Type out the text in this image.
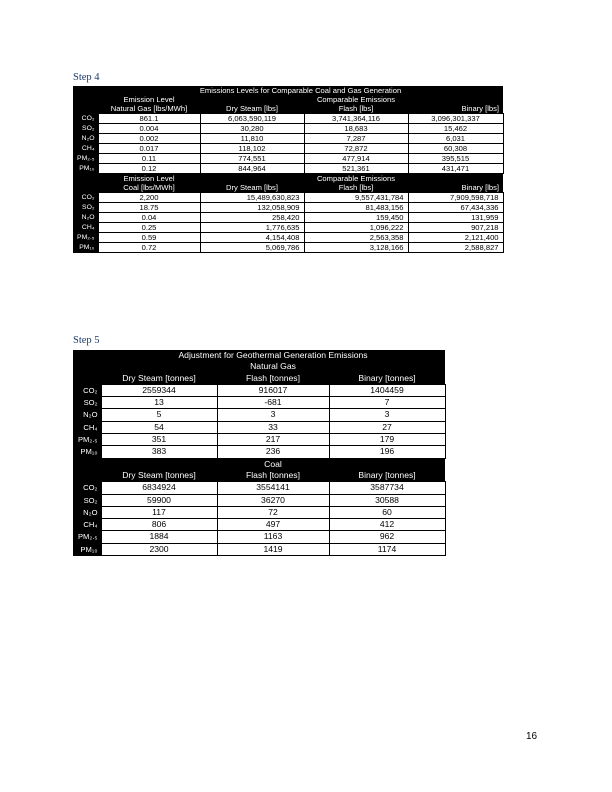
Step 4
	Emissions Levels for Comparable Coal and Gas Generation			
	Emission Level		Comparable Emissions	
	Natural Gas [lbs/MWh]	Dry Steam [lbs]	Flash [lbs]	Binary [lbs]
CO₂	861.1	6,063,590,119	3,741,364,116	3,096,301,337
SO₂	0.004	30,280	18,683	15,462
N₂O	0.002	11,810	7,287	6,031
CH₄	0.017	118,102	72,872	60,308
PM₂.₅	0.11	774,551	477,914	395,515
PM₁₀	0.12	844,964	521,361	431,471
	Emission Level		Comparable Emissions	
	Coal [lbs/MWh]	Dry Steam [lbs]	Flash [lbs]	Binary [lbs]
CO₂	2,200	15,489,630,823	9,557,431,784	7,909,598,718
SO₂	18.75	132,058,909	81,483,156	67,434,336
N₂O	0.04	258,420	159,450	131,959
CH₄	0.25	1,776,635	1,096,222	907,218
PM₂.₅	0.59	4,154,408	2,563,358	2,121,400
PM₁₀	0.72	5,069,786	3,128,166	2,588,827
Step 5
	Adjustment for Geothermal Generation Emissions		
	Natural Gas		
	Dry Steam [tonnes]	Flash [tonnes]	Binary [tonnes]
CO₂	2559344	916017	1404459
SO₂	13	-681	7
N₂O	5	3	3
CH₄	54	33	27
PM₂.₅	351	217	179
PM₁₀	383	236	196
	Coal		
	Dry Steam [tonnes]	Flash [tonnes]	Binary [tonnes]
CO₂	6834924	3554141	3587734
SO₂	59900	36270	30588
N₂O	117	72	60
CH₄	806	497	412
PM₂.₅	1884	1163	962
PM₁₀	2300	1419	1174
16
